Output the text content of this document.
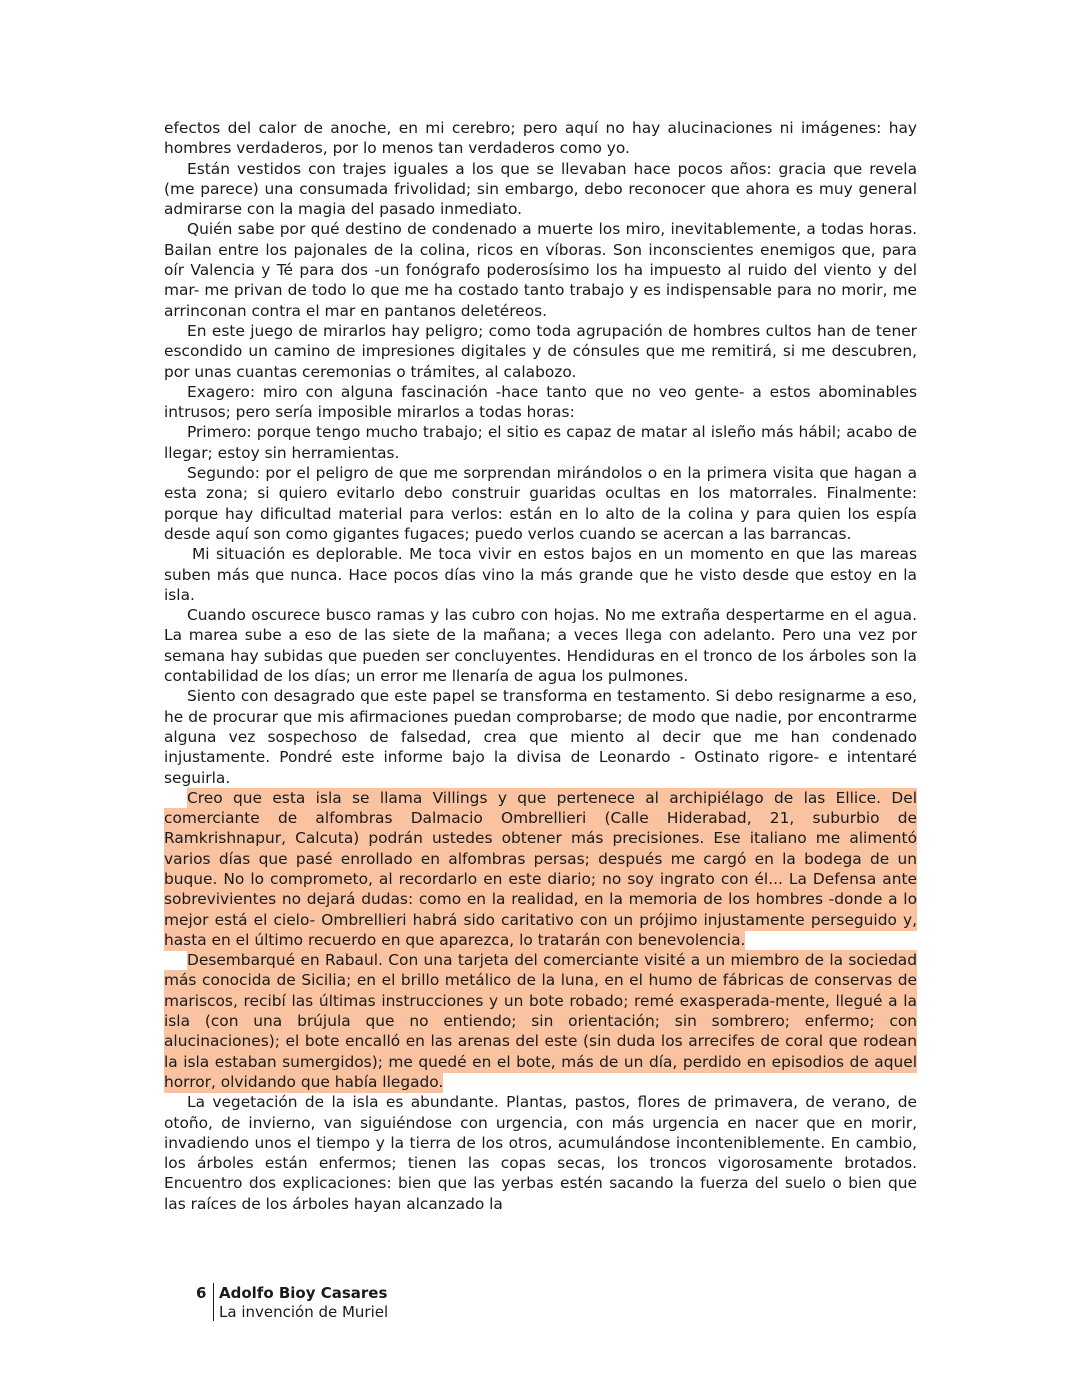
efectos del calor de anoche, en mi cerebro; pero aquí no hay alucinaciones ni imágenes: hay hombres verdaderos, por lo menos tan verdaderos como yo.

Están vestidos con trajes iguales a los que se llevaban hace pocos años: gracia que revela (me parece) una consumada frivolidad; sin embargo, debo reconocer que ahora es muy general admirarse con la magia del pasado inmediato.

Quién sabe por qué destino de condenado a muerte los miro, inevitablemente, a todas horas. Bailan entre los pajonales de la colina, ricos en víboras. Son inconscientes enemigos que, para oír Valencia y Té para dos -un fonógrafo poderosísimo los ha impuesto al ruido del viento y del mar- me privan de todo lo que me ha costado tanto trabajo y es indispensable para no morir, me arrinconan contra el mar en pantanos deletéreos.

En este juego de mirarlos hay peligro; como toda agrupación de hombres cultos han de tener escondido un camino de impresiones digitales y de cónsules que me remitirá, si me descubren, por unas cuantas ceremonias o trámites, al calabozo.

Exagero: miro con alguna fascinación -hace tanto que no veo gente- a estos abominables intrusos; pero sería imposible mirarlos a todas horas:

Primero: porque tengo mucho trabajo; el sitio es capaz de matar al isleño más hábil; acabo de llegar; estoy sin herramientas.

Segundo: por el peligro de que me sorprendan mirándolos o en la primera visita que hagan a esta zona; si quiero evitarlo debo construir guaridas ocultas en los matorrales. Finalmente: porque hay dificultad material para verlos: están en lo alto de la colina y para quien los espía desde aquí son como gigantes fugaces; puedo verlos cuando se acercan a las barrancas.

Mi situación es deplorable. Me toca vivir en estos bajos en un momento en que las mareas suben más que nunca. Hace pocos días vino la más grande que he visto desde que estoy en la isla.

Cuando oscurece busco ramas y las cubro con hojas. No me extraña despertarme en el agua. La marea sube a eso de las siete de la mañana; a veces llega con adelanto. Pero una vez por semana hay subidas que pueden ser concluyentes. Hendiduras en el tronco de los árboles son la contabilidad de los días; un error me llenaría de agua los pulmones.

Siento con desagrado que este papel se transforma en testamento. Si debo resignarme a eso, he de procurar que mis afirmaciones puedan comprobarse; de modo que nadie, por encontrarme alguna vez sospechoso de falsedad, crea que miento al decir que me han condenado injustamente. Pondré este informe bajo la divisa de Leonardo - Ostinato rigore- e intentaré seguirla.

Creo que esta isla se llama Villings y que pertenece al archipiélago de las Ellice. Del comerciante de alfombras Dalmacio Ombrellieri (Calle Hiderabad, 21, suburbio de Ramkrishnapur, Calcuta) podrán ustedes obtener más precisiones. Ese italiano me alimentó varios días que pasé enrollado en alfombras persas; después me cargó en la bodega de un buque. No lo comprometo, al recordarlo en este diario; no soy ingrato con él... La Defensa ante sobrevivientes no dejará dudas: como en la realidad, en la memoria de los hombres -donde a lo mejor está el cielo- Ombrellieri habrá sido caritativo con un prójimo injustamente perseguido y, hasta en el último recuerdo en que aparezca, lo tratarán con benevolencia.

Desembarqué en Rabaul. Con una tarjeta del comerciante visité a un miembro de la sociedad más conocida de Sicilia; en el brillo metálico de la luna, en el humo de fábricas de conservas de mariscos, recibí las últimas instrucciones y un bote robado; remé exasperada-mente, llegué a la isla (con una brújula que no entiendo; sin orientación; sin sombrero; enfermo; con alucinaciones); el bote encalló en las arenas del este (sin duda los arrecifes de coral que rodean la isla estaban sumergidos); me quedé en el bote, más de un día, perdido en episodios de aquel horror, olvidando que había llegado.

La vegetación de la isla es abundante. Plantas, pastos, flores de primavera, de verano, de otoño, de invierno, van siguiéndose con urgencia, con más urgencia en nacer que en morir, invadiendo unos el tiempo y la tierra de los otros, acumulándose inconteniblemente. En cambio, los árboles están enfermos; tienen las copas secas, los troncos vigorosamente brotados. Encuentro dos explicaciones: bien que las yerbas estén sacando la fuerza del suelo o bien que las raíces de los árboles hayan alcanzado la

6 Adolfo Bioy Casares
La invención de Muriel
